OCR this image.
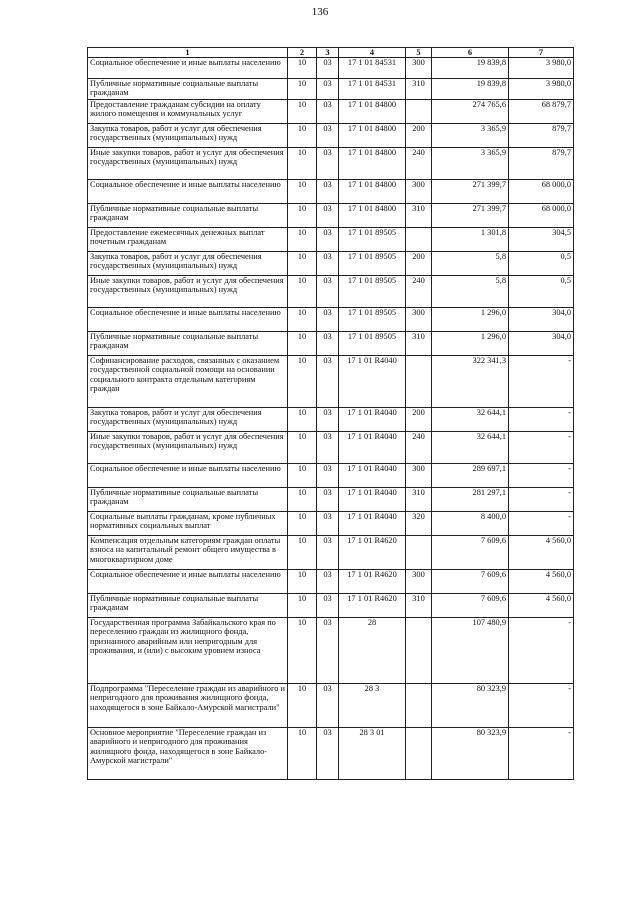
136
1	2	3	4	5	6	7
Социальное обеспечение и иные выплаты населению	10	03	17 1 01 84531	300	19 839,8	3 980,0
Публичные нормативные социальные выплаты гражданам	10	03	17 1 01 84531	310	19 839,8	3 980,0
Предоставление гражданам субсидии на оплату жилого помещения и коммунальных услуг	10	03	17 1 01 84800		274 765,6	68 879,7
Закупка товаров, работ и услуг для обеспечения государственных (муниципальных) нужд	10	03	17 1 01 84800	200	3 365,9	879,7
Иные закупки товаров, работ и услуг для обеспечения государственных (муниципальных) нужд	10	03	17 1 01 84800	240	3 365,9	879,7
Социальное обеспечение и иные выплаты населению	10	03	17 1 01 84800	300	271 399,7	68 000,0
Публичные нормативные социальные выплаты гражданам	10	03	17 1 01 84800	310	271 399,7	68 000,0
Предоставление ежемесячных денежных выплат почетным гражданам	10	03	17 1 01 89505		1 301,8	304,5
Закупка товаров, работ и услуг для обеспечения государственных (муниципальных) нужд	10	03	17 1 01 89505	200	5,8	0,5
Иные закупки товаров, работ и услуг для обеспечения государственных (муниципальных) нужд	10	03	17 1 01 89505	240	5,8	0,5
Социальное обеспечение и иные выплаты населению	10	03	17 1 01 89505	300	1 296,0	304,0
Публичные нормативные социальные выплаты гражданам	10	03	17 1 01 89505	310	1 296,0	304,0
Софинансирование расходов, связанных с оказанием государственной социальной помощи на основании социального контракта отдельным категориям граждан	10	03	17 1 01 R4040		322 341,3	-
Закупка товаров, работ и услуг для обеспечения государственных (муниципальных) нужд	10	03	17 1 01 R4040	200	32 644,1	-
Иные закупки товаров, работ и услуг для обеспечения государственных (муниципальных) нужд	10	03	17 1 01 R4040	240	32 644,1	-
Социальное обеспечение и иные выплаты населению	10	03	17 1 01 R4040	300	289 697,1	-
Публичные нормативные социальные выплаты гражданам	10	03	17 1 01 R4040	310	281 297,1	-
Социальные выплаты гражданам, кроме публичных нормативных социальных выплат	10	03	17 1 01 R4040	320	8 400,0	-
Компенсация отдельным категориям граждан оплаты взноса на капитальный ремонт общего имущества в многоквартирном доме	10	03	17 1 01 R4620		7 609,6	4 560,0
Социальное обеспечение и иные выплаты населению	10	03	17 1 01 R4620	300	7 609,6	4 560,0
Публичные нормативные социальные выплаты гражданам	10	03	17 1 01 R4620	310	7 609,6	4 560,0
Государственная программа Забайкальского края по переселению граждан из жилищного фонда, признанного аварийным или непригодным для проживания, и (или) с высоким уровнем износа	10	03	28		107 480,9	-
Подпрограмма "Переселение граждан из аварийного и непригодного для проживания жилищного фонда, находящегося в зоне Байкало-Амурской магистрали"	10	03	28 3		80 323,9	-
Основное мероприятие "Переселение граждан из аварийного и непригодного для проживания жилищного фонда, находящегося в зоне Байкало-Амурской магистрали"	10	03	28 3 01		80 323,9	-
